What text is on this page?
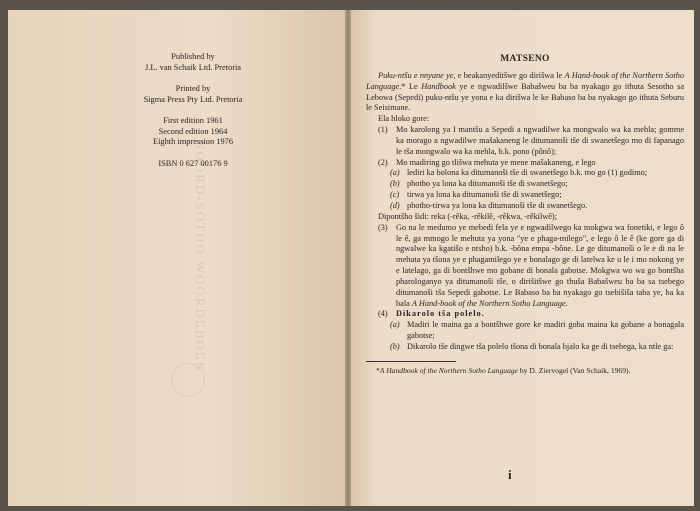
NOORD-SOTHO WOORDEBOEK
Published by
J.L. van Schaik Ltd. Pretoria
Printed by
Sigma Press Pty Ltd. Pretoria
First edition 1961
Second edition 1964
Eighth impression 1976
ISBN 0 627 00176 9

MATSENO

Puku-ntšu e nnyane ye, e beakanyeditšwe go dirišwa le A Hand-book of the Northern Sotho Language.* Le Handbook ye e ngwadilšwe Babašweu ba ba nyakago go ithuta Sesotho sa Lebowa (Sepedi) puku-ntšu ye yona e ka dirišwa le ke Babaso ba ba nyakago go ithuta Seburu le Seisimane.

Ela hloko gore:

(1)	Mo karolong ya I mantšu a Sepedi a ngwadilwe ka mongwalo wa ka mehla; gomme ka morago a ngwadilwe mašakaneng le ditumanoši tše di swanetšego mo di fapanago le tša mongwalo wa ka mehla, b.k. pono (pônô);
(2)	Mo madiring go tlišwa mehuta ye mene mašakaneng, e lego
(a) lediri ka bolona ka ditumanoši tše di swanetšego b.k. mo go (1) godimo;
(b) photho ya lona ka ditumanoši tše di swanetšego;
(c) tirwa ya lona ka ditumanoši tše di swanetšego;
(d) photho-tirwa ya lona ka ditumanoši tše di swanetšego.

Dipontšho šidi: reka (-rêka, -rêkilê, -rêkwa, -rêkilwê);

(3)	Go na le medumo ye mebedi fela ye e ngwadilwego ka mokgwa wa fonetiki, e lego ô le ê, ga mmogo le mehuta ya yona "ye e phaga-milego", e lego ô le ê (ke gore ga di ngwalwe ka kgatišo e ntsho) b.k. -bôna empa -bône. Le ge ditumanoši o le e di na le mehuta ya tšona ye e phagamilego ye e bonalago ge di latelwa ke u le i mo nokong ye e latelago, ga di bontšhwe mo gobane di bonala gabotse. Mokgwa wo wa go bontšha pharologanyo ya ditumanoši tše, o dirišitšwe go thuša Babašweu ba ba sa tsebego ditumanoši tša Sepedi gabotse. Le Babaso ba ba nyakago go tsebišiša taba ye, ba ka bala A Hand-book of the Northern Sotho Language.
(4)	Dikarolo tša polelo.
(a) Madiri le maina ga a bontšhwe gore ke madiri goba maina ka gobane a bonagala gabotse;
(b) Dikarolo tše dingwe tša polelo tšona di bonala bjalo ka ge di tsebega, ka ntle ga:

*A Handbook of the Northern Sotho Language by D. Ziervogel (Van Schaik, 1969).

i
